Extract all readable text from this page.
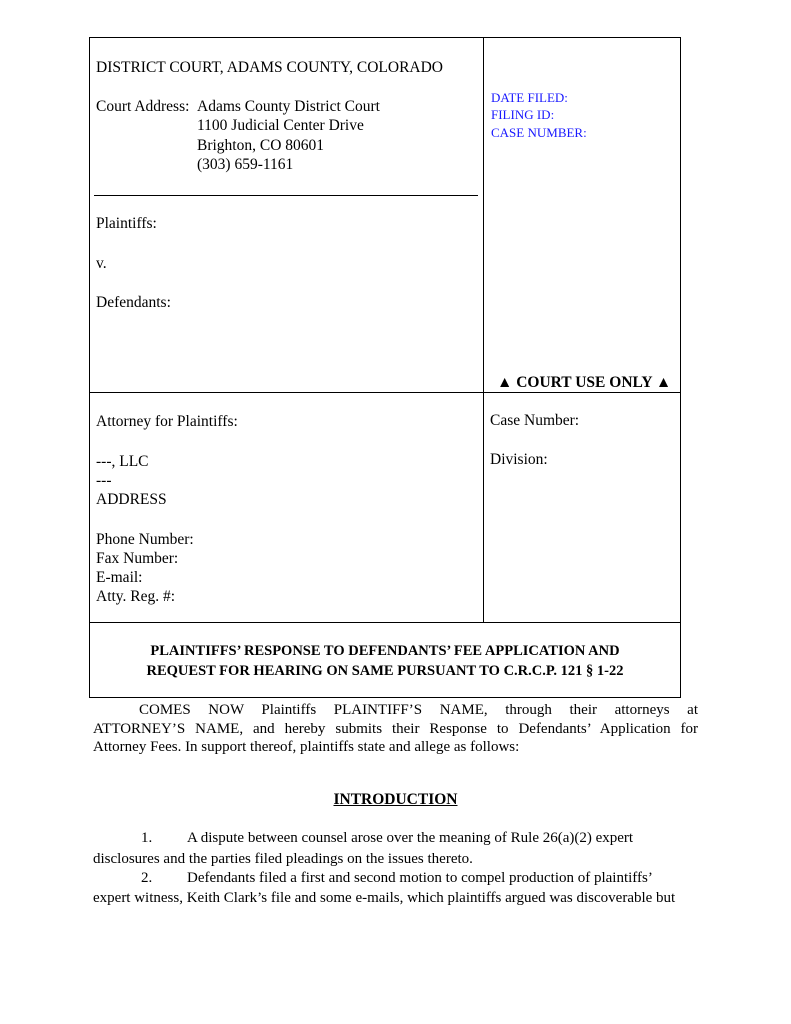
DISTRICT COURT, ADAMS COUNTY, COLORADO
Court Address: Adams County District Court
1100 Judicial Center Drive
Brighton, CO 80601
(303) 659-1161
Plaintiffs:
v.
Defendants:
DATE FILED:
FILING ID:
CASE NUMBER:
▲ COURT USE ONLY ▲
Attorney for Plaintiffs:
---, LLC
---
ADDRESS
Phone Number:
Fax Number:
E-mail:
Atty. Reg. #:
Case Number:
Division:
PLAINTIFFS’ RESPONSE TO DEFENDANTS’ FEE APPLICATION AND
REQUEST FOR HEARING ON SAME PURSUANT TO C.R.C.P. 121 § 1-22
COMES NOW Plaintiffs PLAINTIFF’S NAME, through their attorneys at
ATTORNEY’S NAME, and hereby submits their Response to Defendants’ Application for
Attorney Fees. In support thereof, plaintiffs state and allege as follows:
INTRODUCTION
1. A dispute between counsel arose over the meaning of Rule 26(a)(2) expert
disclosures and the parties filed pleadings on the issues thereto.
2. Defendants filed a first and second motion to compel production of plaintiffs’
expert witness, Keith Clark’s file and some e-mails, which plaintiffs argued was discoverable but
